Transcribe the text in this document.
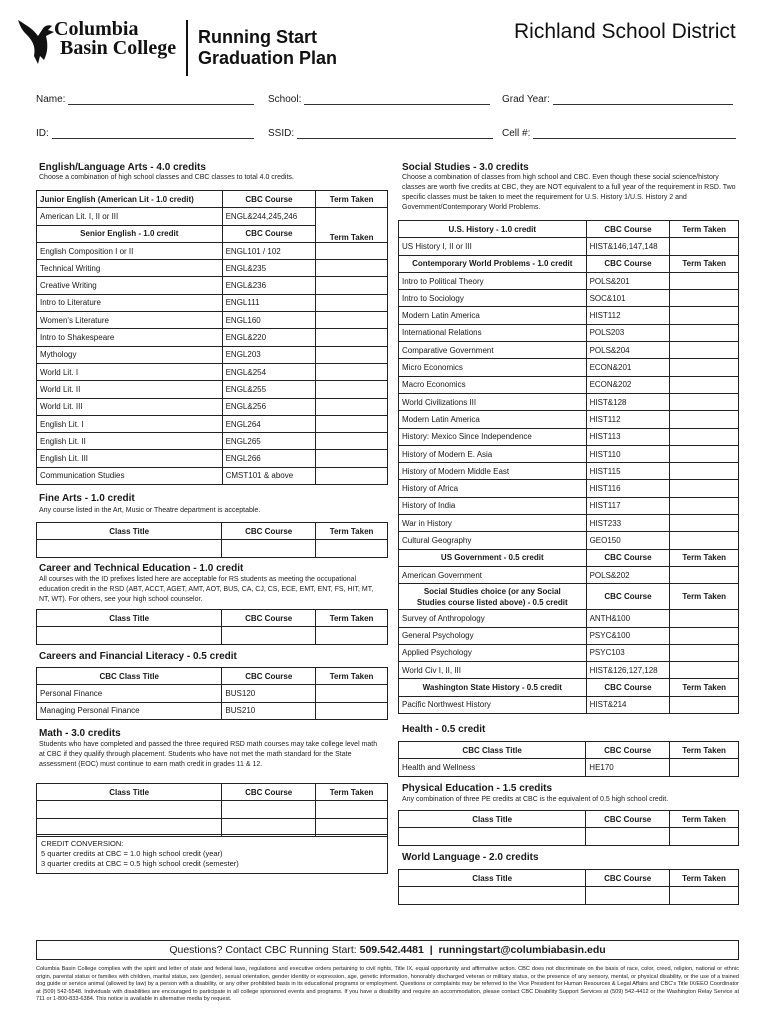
Columbia
Basin College Running Start
Graduation Plan
Richland School District
Name:	School:	Grad Year:
ID:	SSID:	Cell #:
English/Language Arts - 4.0 credits
Choose a combination of high school classes and CBC classes to total 4.0 credits.
Junior English (American Lit - 1.0 credit)	CBC Course	Term Taken
American Lit. I, II or III	ENGL&244,245,246	Term Taken
Senior English - 1.0 credit	CBC Course	
English Composition I or II	ENGL101 / 102	
Technical Writing	ENGL&235	
Creative Writing	ENGL&236	
Intro to Literature	ENGL111	
Women's Literature	ENGL160	
Intro to Shakespeare	ENGL&220	
Mythology	ENGL203	
World Lit. I	ENGL&254	
World Lit. II	ENGL&255	
World Lit. III	ENGL&256	
English Lit. I	ENGL264	
English Lit. II	ENGL265	
English Lit. III	ENGL266	
Communication Studies	CMST101 & above	
Fine Arts - 1.0 credit
Any course listed in the Art, Music or Theatre department is acceptable.
Class Title	CBC Course	Term Taken

Career and Technical Education - 1.0 credit
All courses with the ID prefixes listed here are acceptable for RS students as meeting the occupational education credit in the RSD (ABT, ACCT, AGET, AMT, AOT, BUS, CA, CJ, CS, ECE, EMT, ENT, FS, HIT, MT, NT, WT). For others, see your high school counselor.
Class Title	CBC Course	Term Taken

Careers and Financial Literacy - 0.5 credit
CBC Class Title	CBC Course	Term Taken
Personal Finance	BUS120	
Managing Personal Finance	BUS210	
Math - 3.0 credits
Students who have completed and passed the three required RSD math courses may take college level math at CBC if they qualify through placement. Students who have not met the math standard for the State assessment (EOC) must continue to earn math credit in grades 11 & 12.
Class Title	CBC Course	Term Taken

CREDIT CONVERSION:
5 quarter credits at CBC = 1.0 high school credit (year)
3 quarter credits at CBC = 0.5 high school credit (semester)
Social Studies - 3.0 credits
Choose a combination of classes from high school and CBC. Even though these social science/history classes are worth five credits at CBC, they are NOT equivalent to a full year of the requirement in RSD. Two specific classes must be taken to meet the requirement for U.S. History 1/U.S. History 2 and Government/Contemporary World Problems.
U.S. History - 1.0 credit	CBC Course	Term Taken
US History I, II or III	HIST&146,147,148	
Contemporary World Problems - 1.0 credit	CBC Course	Term Taken
Intro to Political Theory	POLS&201	
Intro to Sociology	SOC&101	
Modern Latin America	HIST112	
International Relations	POLS203	
Comparative Government	POLS&204	
Micro Economics	ECON&201	
Macro Economics	ECON&202	
World Civilizations III	HIST&128	
Modern Latin America	HIST112	
History: Mexico Since Independence	HIST113	
History of Modern E. Asia	HIST110	
History of Modern Middle East	HIST115	
History of Africa	HIST116	
History of India	HIST117	
War in History	HIST233	
Cultural Geography	GEO150	
US Government - 0.5 credit	CBC Course	Term Taken
American Government	POLS&202	

Social Studies choice (or any Social
Studies course listed above) - 0.5 credit	CBC Course	Term Taken
Survey of Anthropology	ANTH&100	
General Psychology	PSYC&100	
Applied Psychology	PSYC103	
World Civ I, II, III	HIST&126,127,128	
Washington State History - 0.5 credit	CBC Course	Term Taken
Pacific Northwest History	HIST&214	
Health - 0.5 credit
CBC Class Title	CBC Course	Term Taken
Health and Wellness	HE170	
Physical Education - 1.5 credits
Any combination of three PE credits at CBC is the equivalent of 0.5 high school credit.
Class Title	CBC Course	Term Taken

World Language - 2.0 credits
Class Title	CBC Course	Term Taken

Questions? Contact CBC Running Start:
509.542.4481
|
runningstart@columbiabasin.edu
Columbia Basin College complies with the spirit and letter of state and federal laws, regulations and executive orders pertaining to civil rights, Title IX, equal opportunity and affirmative action. CBC does not discriminate on the basis of race, color, creed, religion, national or ethnic origin, parental status or families with children, marital status, sex (gender), sexual orientation, gender identity or expression, age, genetic information, honorably discharged veteran or military status, or the presence of any sensory, mental, or physical disability, or the use of a trained dog guide or service animal (allowed by law) by a person with a disability, or any other prohibited basis in its educational programs or employment. Questions or complaints may be referred to the Vice President for Human Resources & Legal Affairs and CBC's Title IX/EEO Coordinator at (509) 542-5548. Individuals with disabilities are encouraged to participate in all college sponsored events and programs. If you have a disability and require an accommodation, please contact CBC Disability Support Services at (509) 542-4412 or the Washington Relay Service at 711 or 1-800-833-6384. This notice is available in alternative media by request.
